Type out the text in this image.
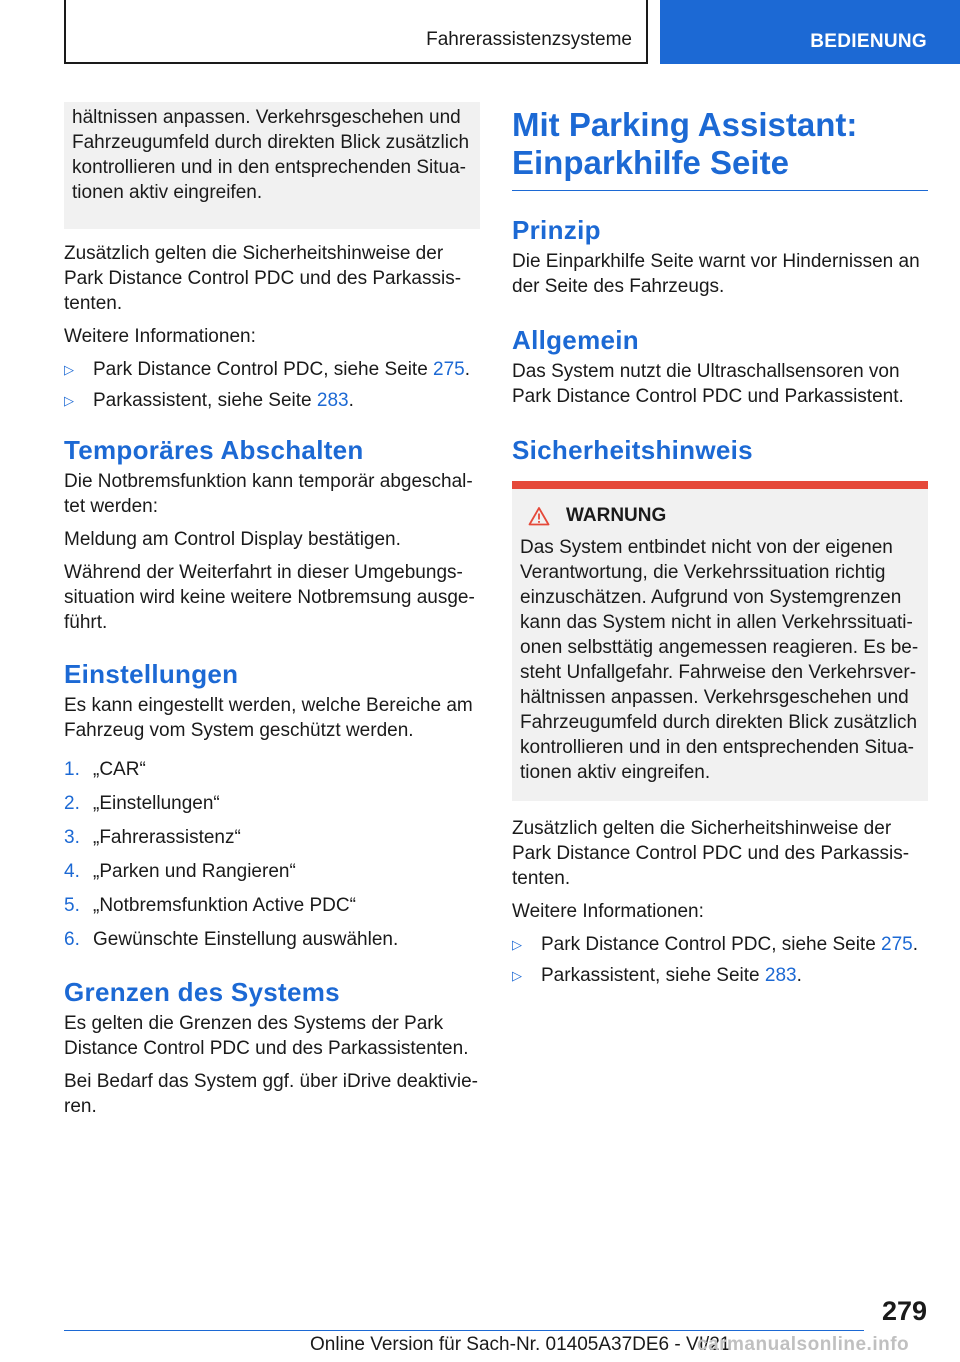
Fahrerassistenzsysteme	BEDIENUNG

hältnissen anpassen. Verkehrsgeschehen und Fahrzeugumfeld durch direkten Blick zusätzlich kontrollieren und in den entsprechenden Situationen aktiv eingreifen.

Zusätzlich gelten die Sicherheitshinweise der Park Distance Control PDC und des Parkassistenten.

Weitere Informationen:

▷	Park Distance Control PDC, siehe Seite 275.
▷	Parkassistent, siehe Seite 283.
Temporäres Abschalten

Die Notbremsfunktion kann temporär abgeschaltet werden:

Meldung am Control Display bestätigen.

Während der Weiterfahrt in dieser Umgebungssituation wird keine weitere Notbremsung ausgeführt.

Einstellungen

Es kann eingestellt werden, welche Bereiche am Fahrzeug vom System geschützt werden.

1. „CAR“
2. „Einstellungen“
3. „Fahrerassistenz“
4. „Parken und Rangieren“
5. „Notbremsfunktion Active PDC“
6. Gewünschte Einstellung auswählen.
Grenzen des Systems

Es gelten die Grenzen des Systems der Park Distance Control PDC und des Parkassistenten.

Bei Bedarf das System ggf. über iDrive deaktivieren.

Mit Parking Assistant: Einparkhilfe Seite
Prinzip

Die Einparkhilfe Seite warnt vor Hindernissen an der Seite des Fahrzeugs.

Allgemein

Das System nutzt die Ultraschallsensoren von Park Distance Control PDC und Parkassistent.

Sicherheitshinweis
WARNUNG

Das System entbindet nicht von der eigenen Verantwortung, die Verkehrssituation richtig einzuschätzen. Aufgrund von Systemgrenzen kann das System nicht in allen Verkehrssituationen selbsttätig angemessen reagieren. Es besteht Unfallgefahr. Fahrweise den Verkehrsverhältnissen anpassen. Verkehrsgeschehen und Fahrzeugumfeld durch direkten Blick zusätzlich kontrollieren und in den entsprechenden Situationen aktiv eingreifen.

Zusätzlich gelten die Sicherheitshinweise der Park Distance Control PDC und des Parkassistenten.

Weitere Informationen:

▷	Park Distance Control PDC, siehe Seite 275.
▷	Parkassistent, siehe Seite 283.
279
Online Version für Sach-Nr. 01405A37DE6 - VI/21
carmanualsonline.info
